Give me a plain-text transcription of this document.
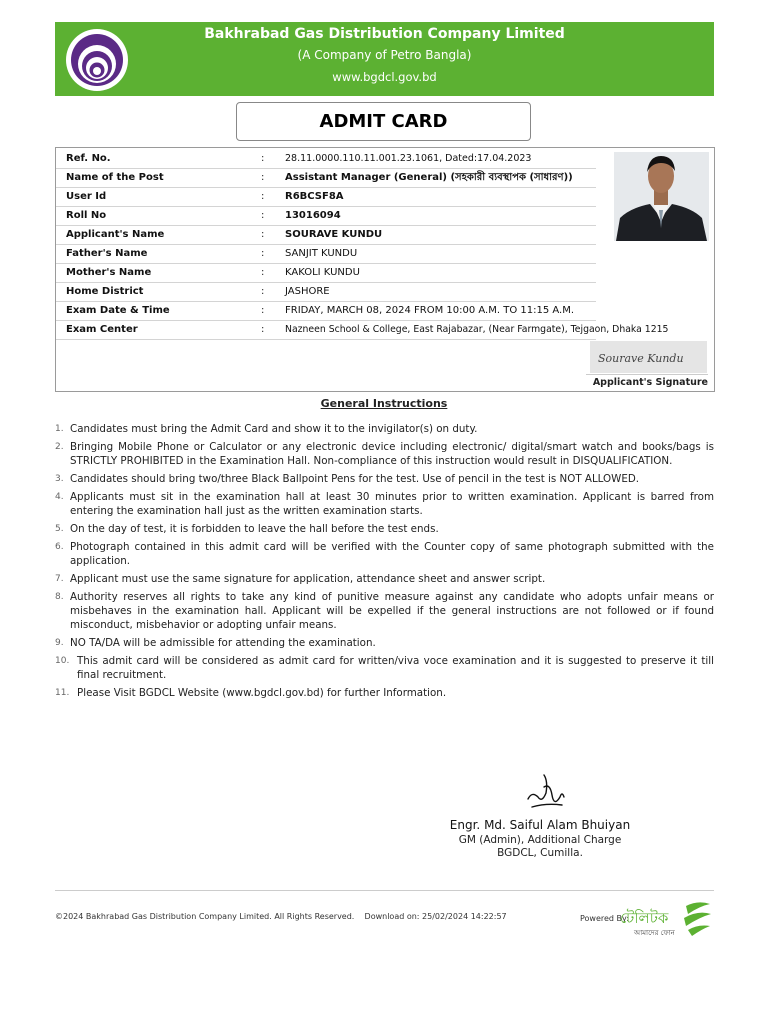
Bakhrabad Gas Distribution Company Limited
(A Company of Petro Bangla)
www.bgdcl.gov.bd
ADMIT CARD
Ref. No.	:	28.11.0000.110.11.001.23.1061, Dated:17.04.2023
Name of the Post	:	Assistant Manager (General) (সহকারী ব্যবস্থাপক (সাধারণ))
User Id	:	R6BCSF8A
Roll No	:	13016094
Applicant's Name	:	SOURAVE KUNDU
Father's Name	:	SANJIT KUNDU
Mother's Name	:	KAKOLI KUNDU
Home District	:	JASHORE
Exam Date & Time	:	FRIDAY, MARCH 08, 2024 FROM 10:00 A.M. TO 11:15 A.M.
Exam Center	:	Nazneen School & College, East Rajabazar, (Near Farmgate), Tejgaon, Dhaka 1215
Sourave Kundu
Applicant's Signature
General Instructions
1. Candidates must bring the Admit Card and show it to the invigilator(s) on duty.
2. Bringing Mobile Phone or Calculator or any electronic device including electronic/ digital/smart watch and books/bags is STRICTLY PROHIBITED in the Examination Hall. Non-compliance of this instruction would result in DISQUALIFICATION.
3. Candidates should bring two/three Black Ballpoint Pens for the test. Use of pencil in the test is NOT ALLOWED.
4. Applicants must sit in the examination hall at least 30 minutes prior to written examination. Applicant is barred from entering the examination hall just as the written examination starts.
5. On the day of test, it is forbidden to leave the hall before the test ends.
6. Photograph contained in this admit card will be verified with the Counter copy of same photograph submitted with the application.
7. Applicant must use the same signature for application, attendance sheet and answer script.
8. Authority reserves all rights to take any kind of punitive measure against any candidate who adopts unfair means or misbehaves in the examination hall. Applicant will be expelled if the general instructions are not followed or if found misconduct, misbehavior or adopting unfair means.
9. NO TA/DA will be admissible for attending the examination.
10. This admit card will be considered as admit card for written/viva voce examination and it is suggested to preserve it till final recruitment.
11. Please Visit BGDCL Website (www.bgdcl.gov.bd) for further Information.
Engr. Md. Saiful Alam Bhuiyan
GM (Admin), Additional Charge
BGDCL, Cumilla.
©2024 Bakhrabad Gas Distribution Company Limited. All Rights Reserved. Download on: 25/02/2024 14:22:57	Powered By:
টেলিটক
আমাদের ফোন
